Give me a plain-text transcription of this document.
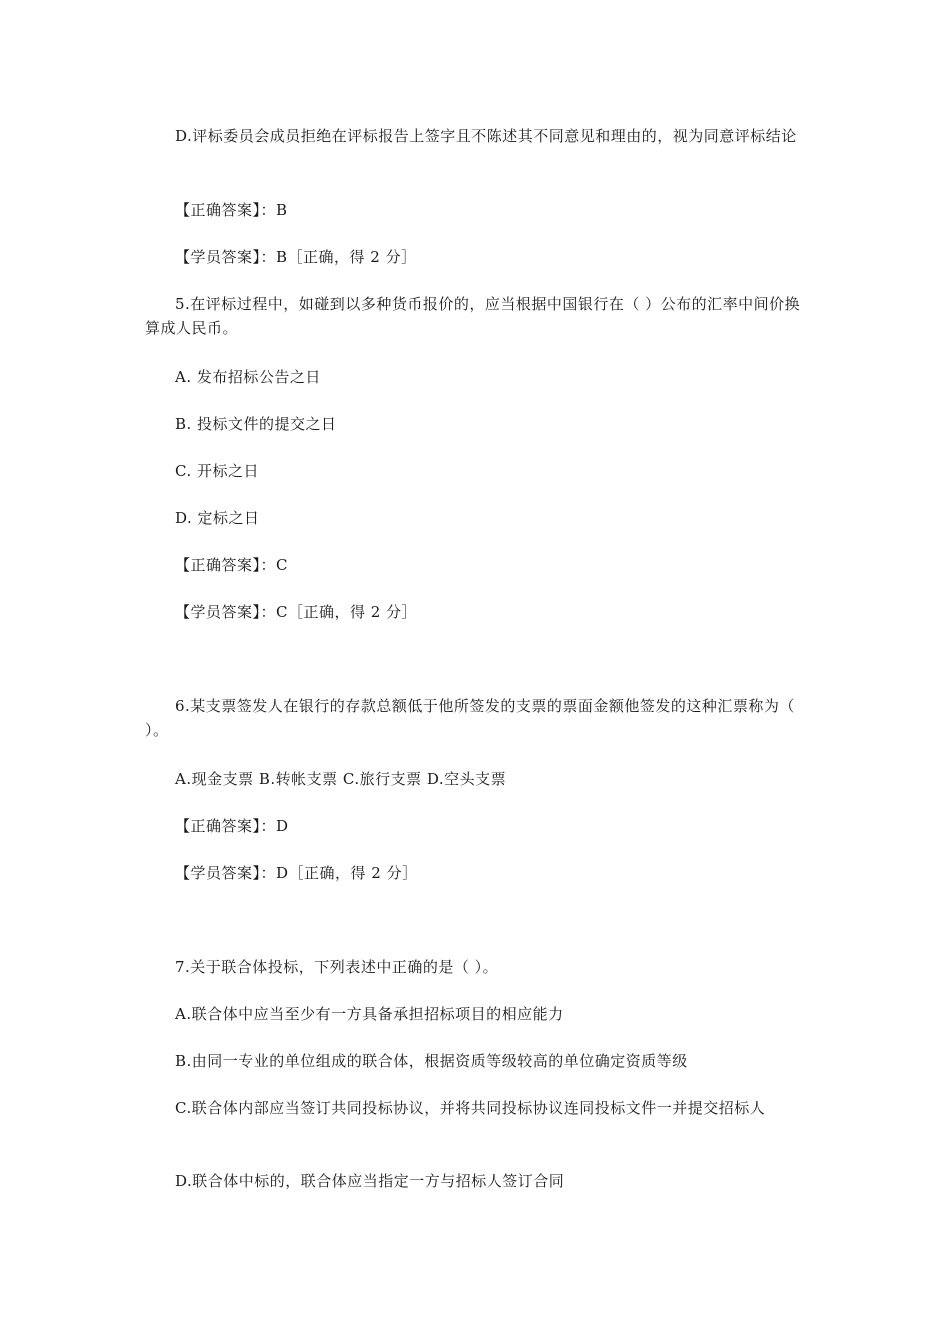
D.评标委员会成员拒绝在评标报告上签字且不陈述其不同意见和理由的，视为同意评标结论
【正确答案】：B
【学员答案】：B［正确，得 2 分］
5.在评标过程中，如碰到以多种货币报价的，应当根据中国银行在（ ）公布的汇率中间价换算成人民币。
A. 发布招标公告之日
B. 投标文件的提交之日
C. 开标之日
D. 定标之日
【正确答案】：C
【学员答案】：C［正确，得 2 分］
6.某支票签发人在银行的存款总额低于他所签发的支票的票面金额他签发的这种汇票称为（ ）。
A.现金支票 B.转帐支票 C.旅行支票 D.空头支票
【正确答案】：D
【学员答案】：D［正确，得 2 分］
7.关于联合体投标，下列表述中正确的是（ ）。
A.联合体中应当至少有一方具备承担招标项目的相应能力
B.由同一专业的单位组成的联合体，根据资质等级较高的单位确定资质等级
C.联合体内部应当签订共同投标协议，并将共同投标协议连同投标文件一并提交招标人
D.联合体中标的，联合体应当指定一方与招标人签订合同
